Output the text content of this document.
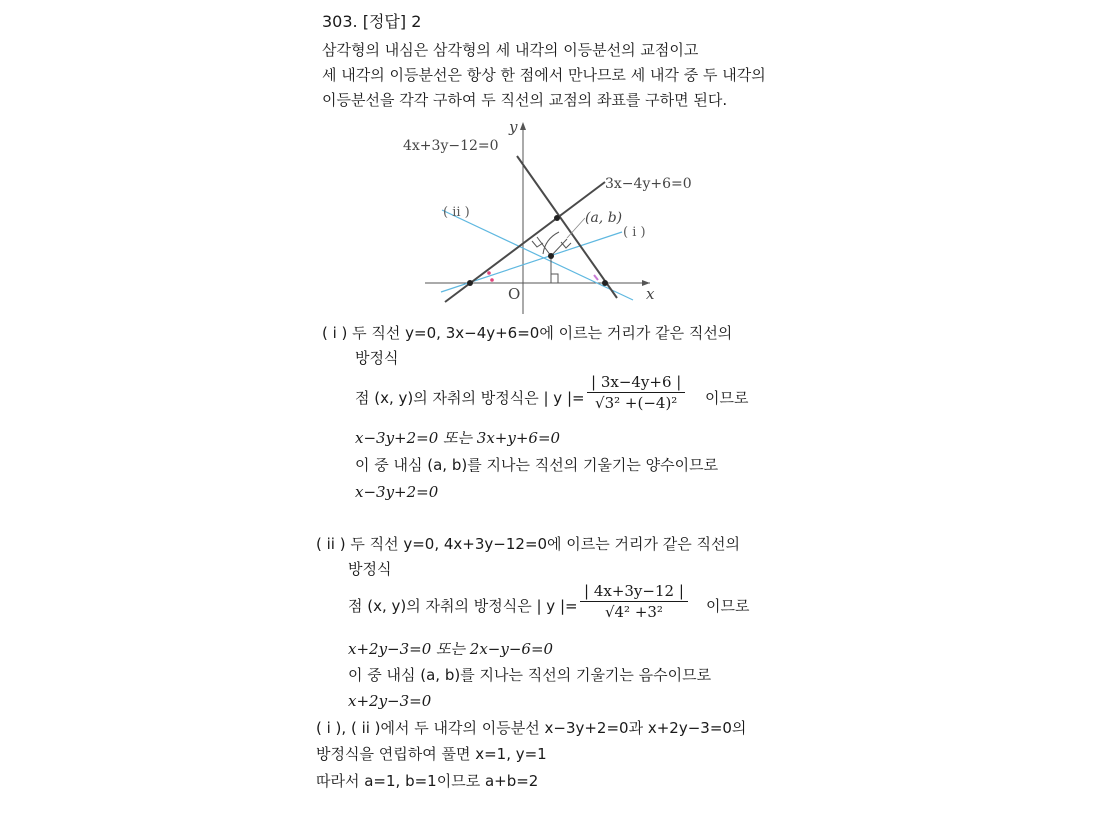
303. [정답] 2
삼각형의 내심은 삼각형의 세 내각의 이등분선의 교점이고
세 내각의 이등분선은 항상 한 점에서 만나므로 세 내각 중 두 내각의
이등분선을 각각 구하여 두 직선의 교점의 좌표를 구하면 된다.
y
x
O
4x+3y−12=0
3x−4y+6=0
(a, b)
( i )
( ii )
( i ) 두 직선 y=0, 3x−4y+6=0에 이르는 거리가 같은 직선의
방정식
점 (x, y)의 자취의 방정식은 | y |=
| 3x−4y+6 |
√3² +(−4)²	이므로
x−3y+2=0 또는 3x+y+6=0
이 중 내심 (a, b)를 지나는 직선의 기울기는 양수이므로
x−3y+2=0
( ii ) 두 직선 y=0, 4x+3y−12=0에 이르는 거리가 같은 직선의
방정식
점 (x, y)의 자취의 방정식은 | y |=
| 4x+3y−12 |
√4² +3²	이므로
x+2y−3=0 또는 2x−y−6=0
이 중 내심 (a, b)를 지나는 직선의 기울기는 음수이므로
x+2y−3=0
( i ), ( ii )에서 두 내각의 이등분선 x−3y+2=0과 x+2y−3=0의
방정식을 연립하여 풀면 x=1, y=1
따라서 a=1, b=1이므로 a+b=2
